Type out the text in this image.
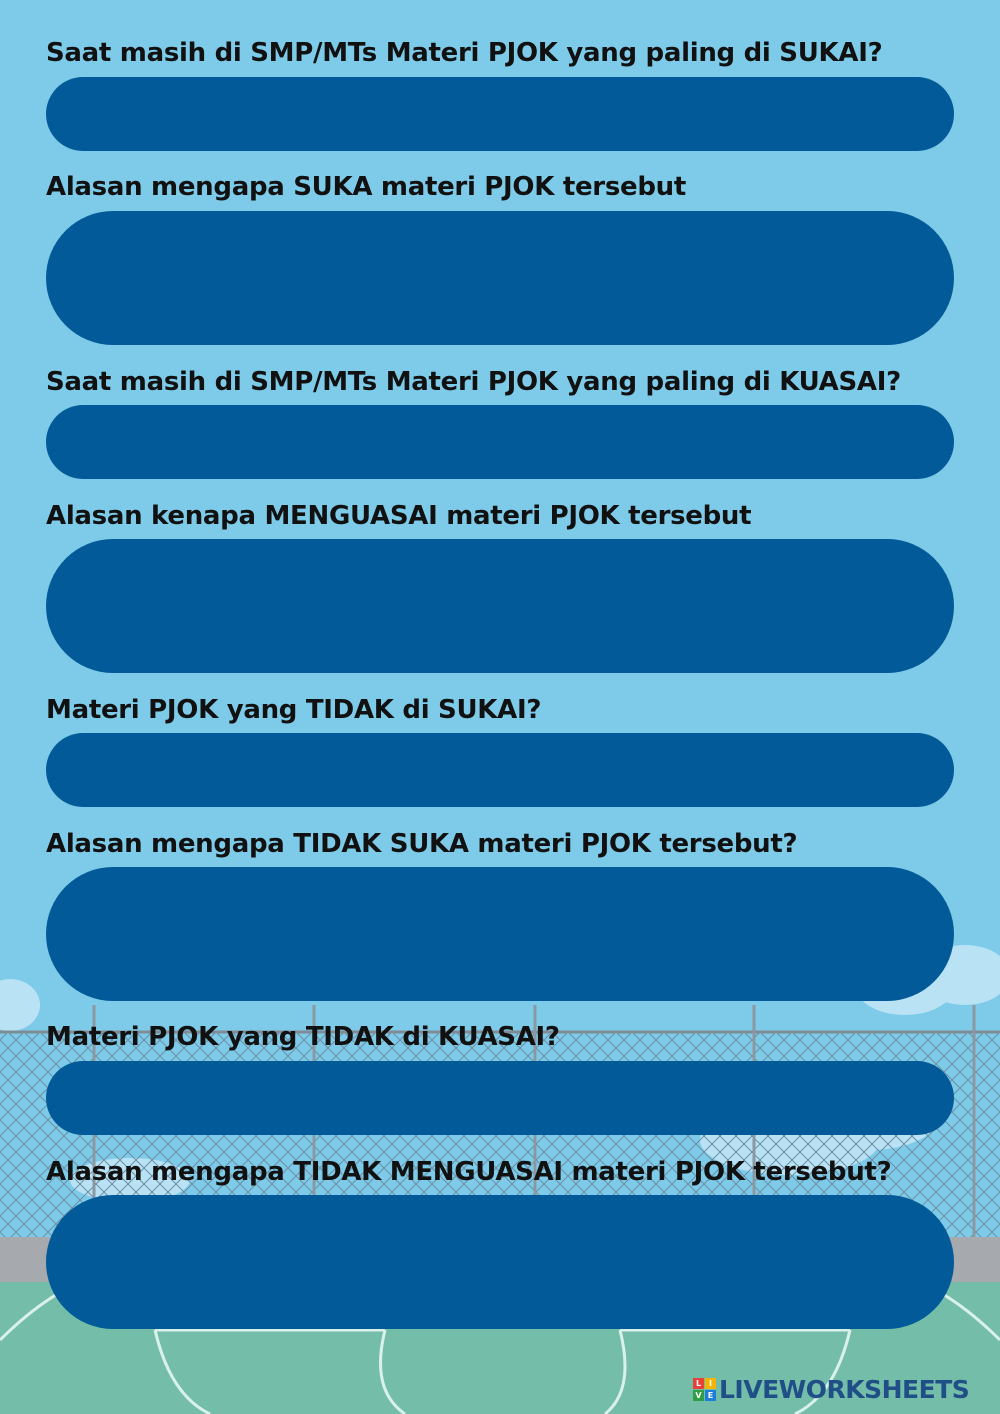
Saat masih di SMP/MTs Materi PJOK yang paling di SUKAI?
Alasan mengapa SUKA materi PJOK tersebut
Saat masih di SMP/MTs Materi PJOK yang paling di KUASAI?
Alasan kenapa MENGUASAI materi PJOK tersebut
Materi PJOK yang TIDAK di SUKAI?
Alasan mengapa TIDAK SUKA materi PJOK tersebut?
Materi PJOK yang TIDAK di KUASAI?
Alasan mengapa TIDAK MENGUASAI materi PJOK tersebut?
L I
V E LIVEWORKSHEETS
